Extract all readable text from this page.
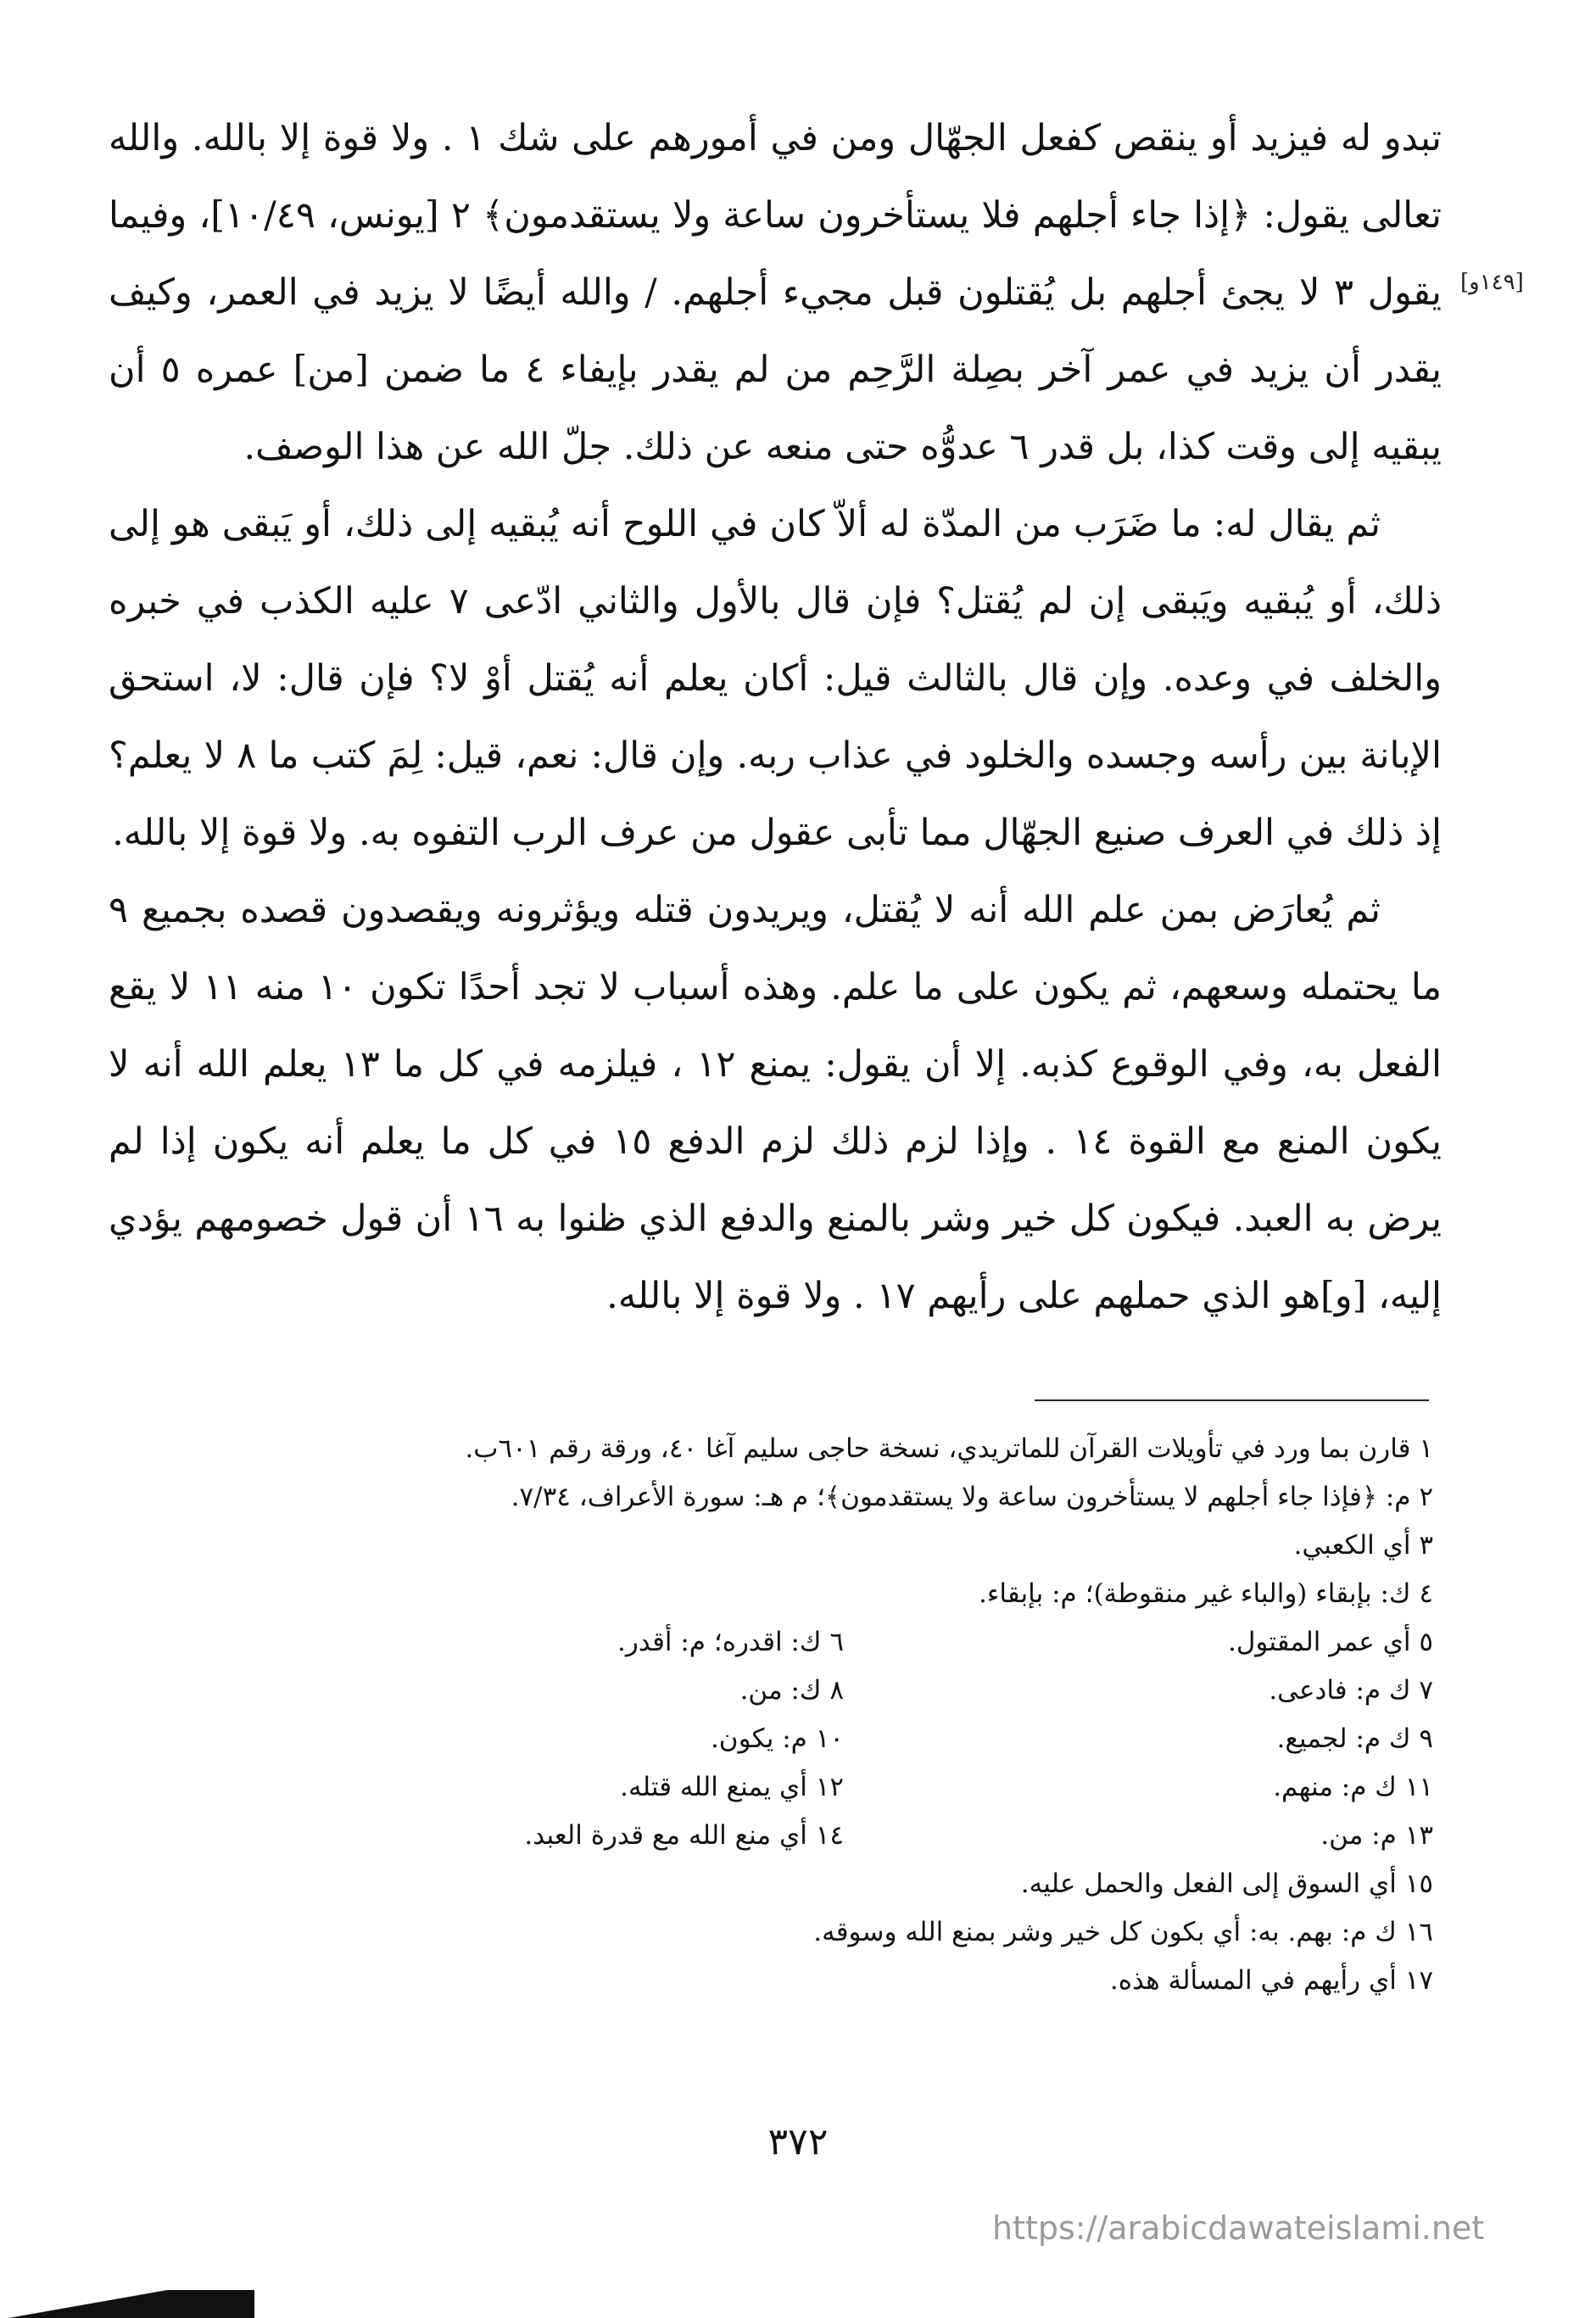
تبدو له فيزيد أو ينقص كفعل الجهّال ومن في أمورهم على شك ١ . ولا قوة إلا بالله. والله تعالى يقول: ﴿إذا جاء أجلهم فلا يستأخرون ساعة ولا يستقدمون﴾ ٢ [يونس، ١٠/٤٩]، وفيما يقول ٣ لا يجئ أجلهم بل يُقتلون قبل مجيء أجلهم. / والله أيضًا لا يزيد في العمر، وكيف يقدر أن يزيد في عمر آخر بصِلة الرَّحِم من لم يقدر بإيفاء ٤ ما ضمن [من] عمره ٥ أن يبقيه إلى وقت كذا، بل قدر ٦ عدوُّه حتى منعه عن ذلك. جلّ الله عن هذا الوصف.

ثم يقال له: ما ضَرَب من المدّة له ألاّ كان في اللوح أنه يُبقيه إلى ذلك، أو يَبقى هو إلى ذلك، أو يُبقيه ويَبقى إن لم يُقتل؟ فإن قال بالأول والثاني ادّعى ٧ عليه الكذب في خبره والخلف في وعده. وإن قال بالثالث قيل: أكان يعلم أنه يُقتل أوْ لا؟ فإن قال: لا، استحق الإبانة بين رأسه وجسده والخلود في عذاب ربه. وإن قال: نعم، قيل: لِمَ كتب ما ٨ لا يعلم؟ إذ ذلك في العرف صنيع الجهّال مما تأبى عقول من عرف الرب التفوه به. ولا قوة إلا بالله.

ثم يُعارَض بمن علم الله أنه لا يُقتل، ويريدون قتله ويؤثرونه ويقصدون قصده بجميع ٩ ما يحتمله وسعهم، ثم يكون على ما علم. وهذه أسباب لا تجد أحدًا تكون ١٠ منه ١١ لا يقع الفعل به، وفي الوقوع كذبه. إلا أن يقول: يمنع ١٢ ، فيلزمه في كل ما ١٣ يعلم الله أنه لا يكون المنع مع القوة ١٤ . وإذا لزم ذلك لزم الدفع ١٥ في كل ما يعلم أنه يكون إذا لم يرض به العبد. فيكون كل خير وشر بالمنع والدفع الذي ظنوا به ١٦ أن قول خصومهم يؤدي إليه، [و]هو الذي حملهم على رأيهم ١٧ . ولا قوة إلا بالله.

[١٤٩و]
١ قارن بما ورد في تأويلات القرآن للماتريدي، نسخة حاجى سليم آغا ٤٠، ورقة رقم ٦٠١ب.
٢ م: ﴿فإذا جاء أجلهم لا يستأخرون ساعة ولا يستقدمون﴾؛ م هـ: سورة الأعراف، ٧/٣٤.
٣ أي الكعبي.
٤ ك: بإبقاء (والباء غير منقوطة)؛ م: بإبقاء.
٥ أي عمر المقتول.
٦ ك: اقدره؛ م: أقدر.
٧ ك م: فادعى.
٨ ك: من.
٩ ك م: لجميع.
١٠ م: يكون.
١١ ك م: منهم.
١٢ أي يمنع الله قتله.
١٣ م: من.
١٤ أي منع الله مع قدرة العبد.
١٥ أي السوق إلى الفعل والحمل عليه.
١٦ ك م: بهم. به: أي بكون كل خير وشر بمنع الله وسوقه.
١٧ أي رأيهم في المسألة هذه.
٣٧٢
https://arabicdawateislami.net
